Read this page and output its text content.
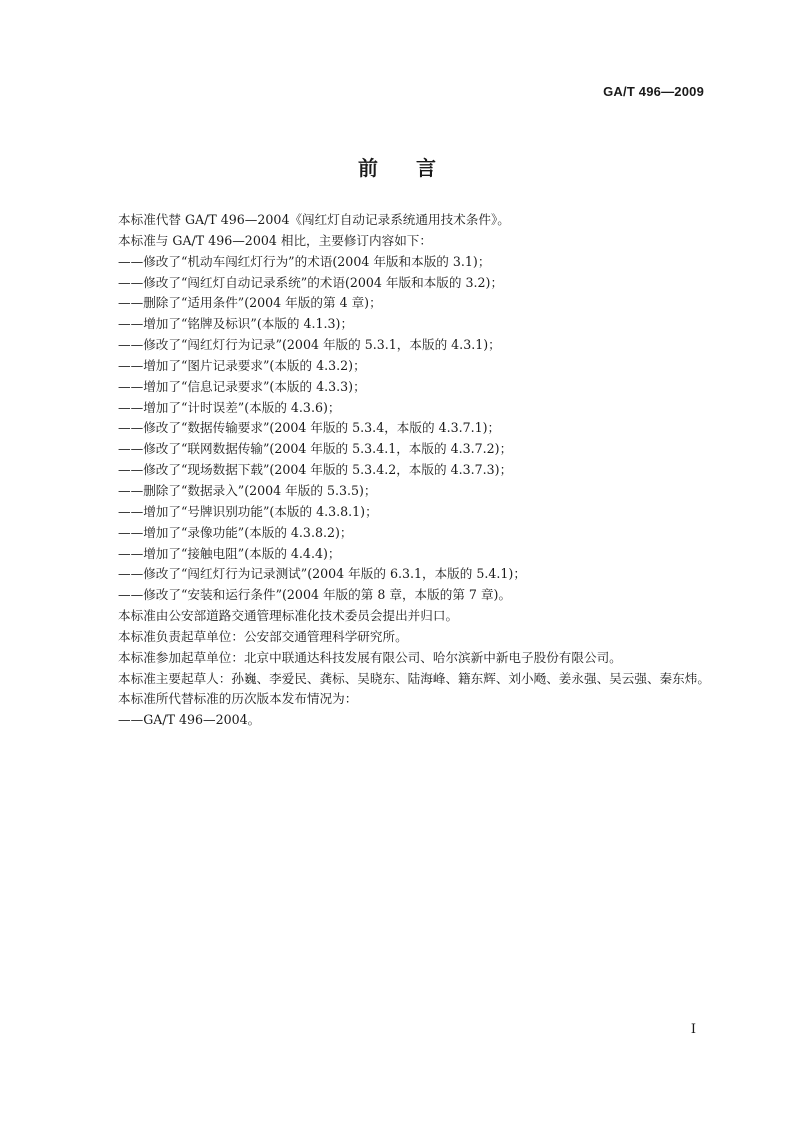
GA/T 496—2009
前言
本标准代替 GA/T 496—2004《闯红灯自动记录系统通用技术条件》。
本标准与 GA/T 496—2004 相比，主要修订内容如下：
——修改了“机动车闯红灯行为”的术语(2004 年版和本版的 3.1)；
——修改了“闯红灯自动记录系统”的术语(2004 年版和本版的 3.2)；
——删除了“适用条件”(2004 年版的第 4 章)；
——增加了“铭牌及标识”(本版的 4.1.3)；
——修改了“闯红灯行为记录”(2004 年版的 5.3.1，本版的 4.3.1)；
——增加了“图片记录要求”(本版的 4.3.2)；
——增加了“信息记录要求”(本版的 4.3.3)；
——增加了“计时误差”(本版的 4.3.6)；
——修改了“数据传输要求”(2004 年版的 5.3.4，本版的 4.3.7.1)；
——修改了“联网数据传输”(2004 年版的 5.3.4.1，本版的 4.3.7.2)；
——修改了“现场数据下载”(2004 年版的 5.3.4.2，本版的 4.3.7.3)；
——删除了“数据录入”(2004 年版的 5.3.5)；
——增加了“号牌识别功能”(本版的 4.3.8.1)；
——增加了“录像功能”(本版的 4.3.8.2)；
——增加了“接触电阻”(本版的 4.4.4)；
——修改了“闯红灯行为记录测试”(2004 年版的 6.3.1，本版的 5.4.1)；
——修改了“安装和运行条件”(2004 年版的第 8 章，本版的第 7 章)。
本标准由公安部道路交通管理标准化技术委员会提出并归口。
本标准负责起草单位：公安部交通管理科学研究所。
本标准参加起草单位：北京中联通达科技发展有限公司、哈尔滨新中新电子股份有限公司。
本标准主要起草人：孙巍、李爱民、龚标、吴晓东、陆海峰、籍东辉、刘小飏、姜永强、吴云强、秦东炜。
本标准所代替标准的历次版本发布情况为：
——GA/T 496—2004。
I
